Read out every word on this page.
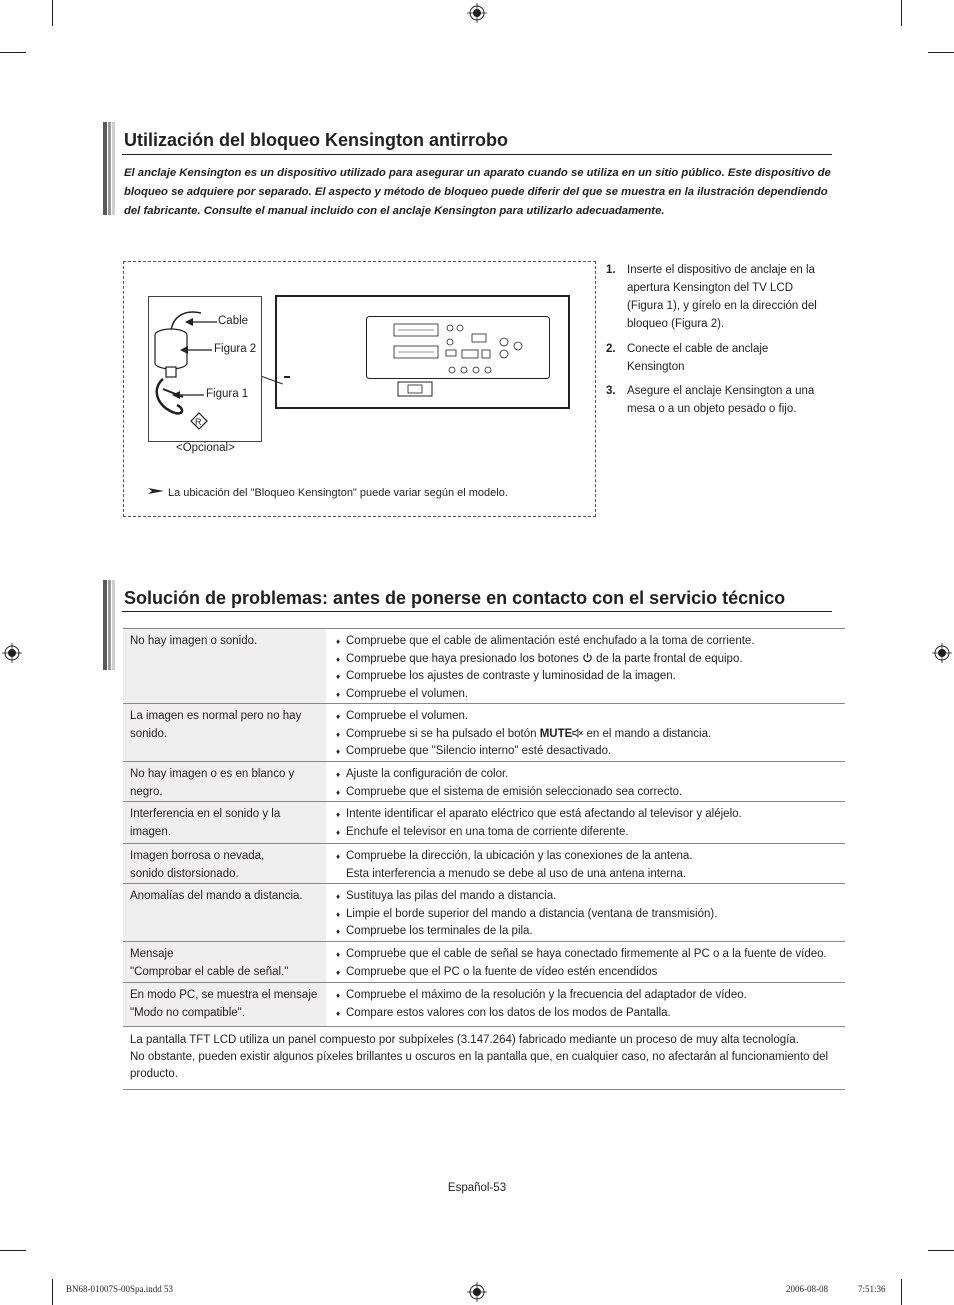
Utilización del bloqueo Kensington antirrobo
El anclaje Kensington es un dispositivo utilizado para asegurar un aparato cuando se utiliza en un sitio público. Este dispositivo de bloqueo se adquiere por separado. El aspecto y método de bloqueo puede diferir del que se muestra en la ilustración dependiendo del fabricante. Consulte el manual incluido con el anclaje Kensington para utilizarlo adecuadamente.
R
Cable
Figura 2
Figura 1
<Opcional>
La ubicación del "Bloqueo Kensington" puede variar según el modelo.
1. Inserte el dispositivo de anclaje en la apertura Kensington del TV LCD (Figura 1), y gírelo en la dirección del bloqueo (Figura 2).
2. Conecte el cable de anclaje Kensington
3. Asegure el anclaje Kensington a una mesa o a un objeto pesado o fijo.
Solución de problemas: antes de ponerse en contacto con el servicio técnico
No hay imagen o sonido.	♦ Compruebe que el cable de alimentación esté enchufado a la toma de corriente.
♦ Compruebe que haya presionado los botones de la parte frontal de equipo.
♦ Compruebe los ajustes de contraste y luminosidad de la imagen.
♦ Compruebe el volumen.
La imagen es normal pero no hay sonido.
♦ Compruebe el volumen.
♦ Compruebe si se ha pulsado el botón MUTE en el mando a distancia.
♦ Compruebe que "Silencio interno" esté desactivado.
No hay imagen o es en blanco y negro.
♦ Ajuste la configuración de color.
♦ Compruebe que el sistema de emisión seleccionado sea correcto.
Interferencia en el sonido y la imagen.
♦ Intente identificar el aparato eléctrico que está afectando al televisor y aléjelo.
♦ Enchufe el televisor en una toma de corriente diferente.
Imagen borrosa o nevada,
sonido distorsionado.
♦ Compruebe la dirección, la ubicación y las conexiones de la antena.
Esta interferencia a menudo se debe al uso de una antena interna.
Anomalías del mando a distancia.	♦ Sustituya las pilas del mando a distancia.
♦ Limpie el borde superior del mando a distancia (ventana de transmisión).
♦ Compruebe los terminales de la pila.
Mensaje
"Comprobar el cable de señal."
♦ Compruebe que el cable de señal se haya conectado firmemente al PC o a la fuente de vídeo.
♦ Compruebe que el PC o la fuente de vídeo estén encendidos
En modo PC, se muestra el mensaje "Modo no compatible".
♦ Compruebe el máximo de la resolución y la frecuencia del adaptador de vídeo.
♦ Compare estos valores con los datos de los modos de Pantalla.
La pantalla TFT LCD utiliza un panel compuesto por subpíxeles (3.147.264) fabricado mediante un proceso de muy alta tecnología.
No obstante, pueden existir algunos píxeles brillantes u oscuros en la pantalla que, en cualquier caso, no afectarán al funcionamiento del producto.
Español-53
BN68-01007S-00Spa.indd 53	2006-08-08	7:51:36
